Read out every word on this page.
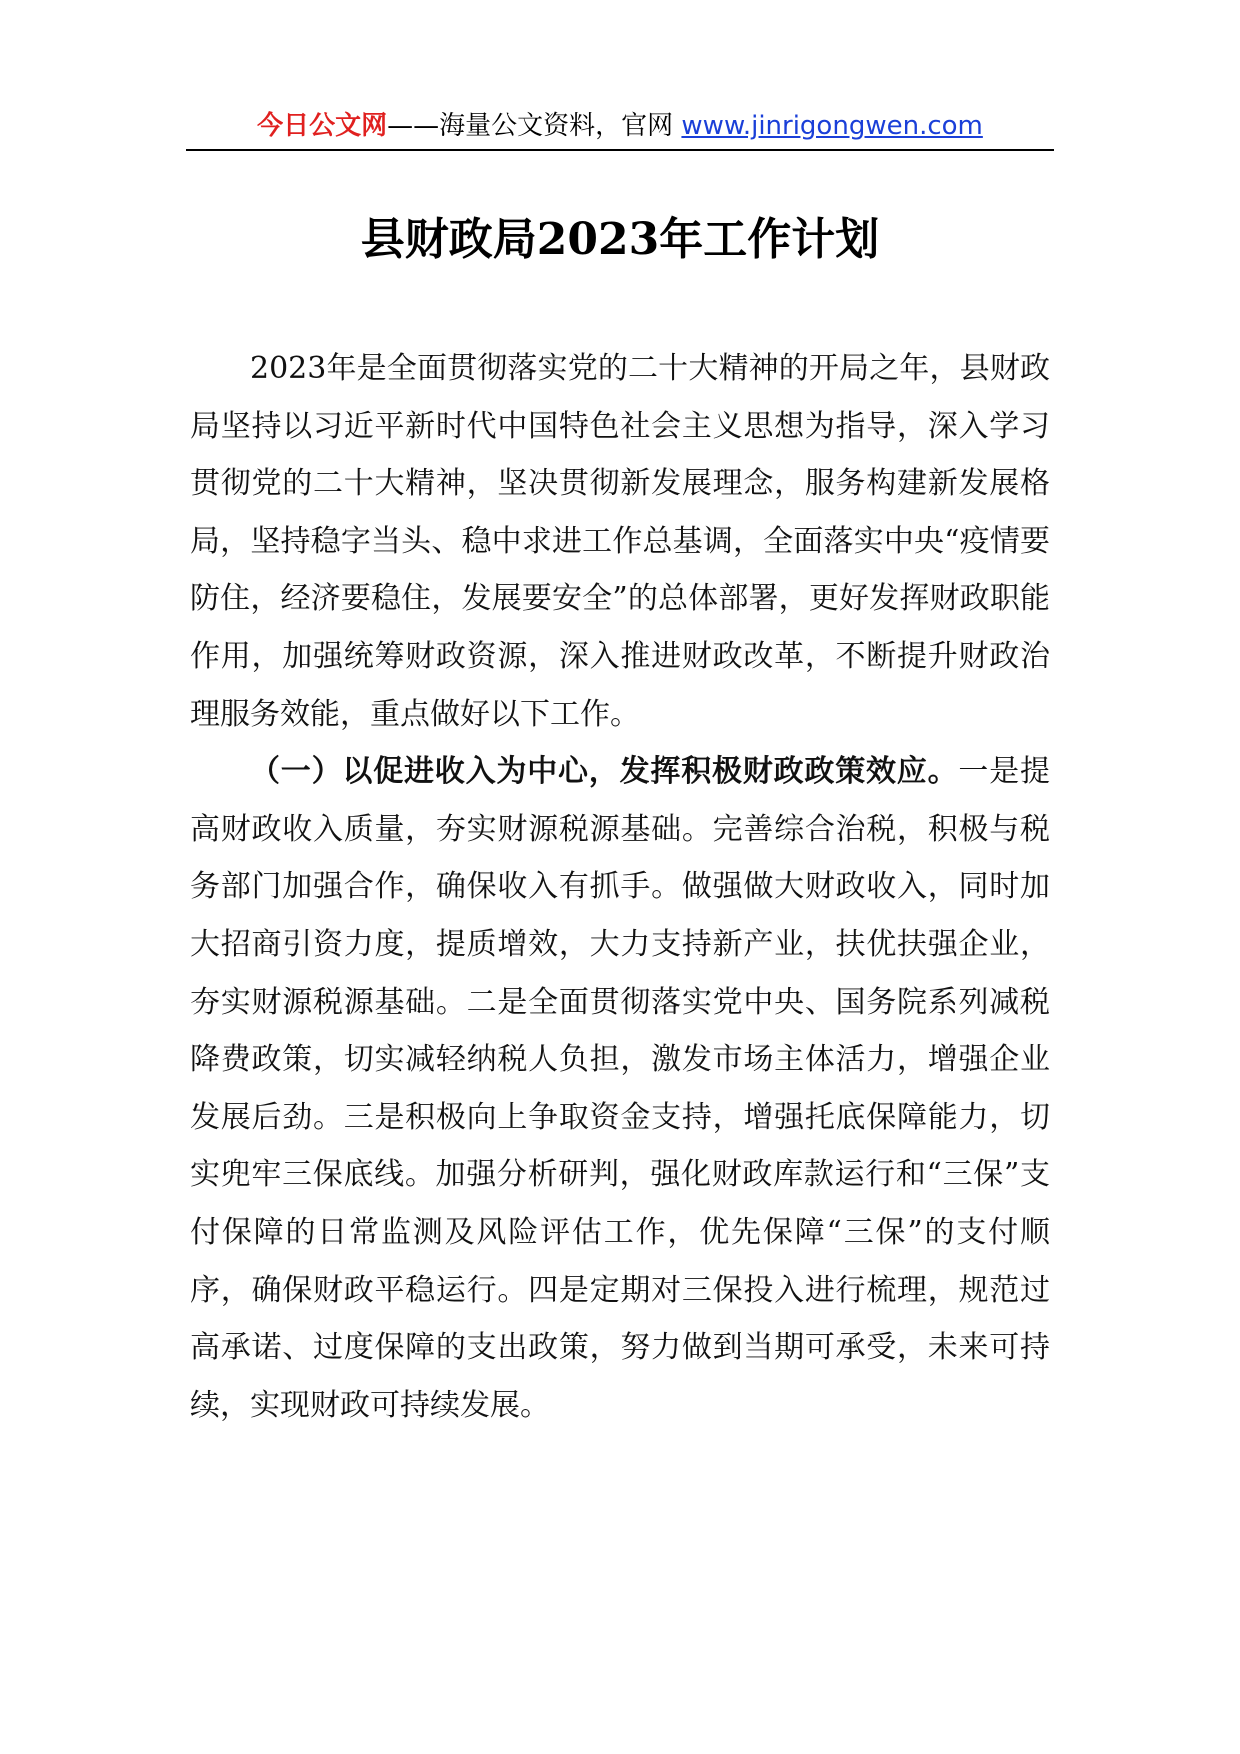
今日公文网——海量公文资料，官网 www.jinrigongwen.com
县财政局2023年工作计划

2023年是全面贯彻落实党的二十大精神的开局之年，县财政局坚持以习近平新时代中国特色社会主义思想为指导，深入学习贯彻党的二十大精神，坚决贯彻新发展理念，服务构建新发展格局，坚持稳字当头、稳中求进工作总基调，全面落实中央“疫情要防住，经济要稳住，发展要安全”的总体部署，更好发挥财政职能作用，加强统筹财政资源，深入推进财政改革，不断提升财政治理服务效能，重点做好以下工作。

（一）以促进收入为中心，发挥积极财政政策效应。一是提高财政收入质量，夯实财源税源基础。完善综合治税，积极与税务部门加强合作，确保收入有抓手。做强做大财政收入，同时加大招商引资力度，提质增效，大力支持新产业，扶优扶强企业，夯实财源税源基础。二是全面贯彻落实党中央、国务院系列减税降费政策，切实减轻纳税人负担，激发市场主体活力，增强企业发展后劲。三是积极向上争取资金支持，增强托底保障能力，切实兜牢三保底线。加强分析研判，强化财政库款运行和“三保”支付保障的日常监测及风险评估工作，优先保障“三保”的支付顺序，确保财政平稳运行。四是定期对三保投入进行梳理，规范过高承诺、过度保障的支出政策，努力做到当期可承受，未来可持续，实现财政可持续发展。
